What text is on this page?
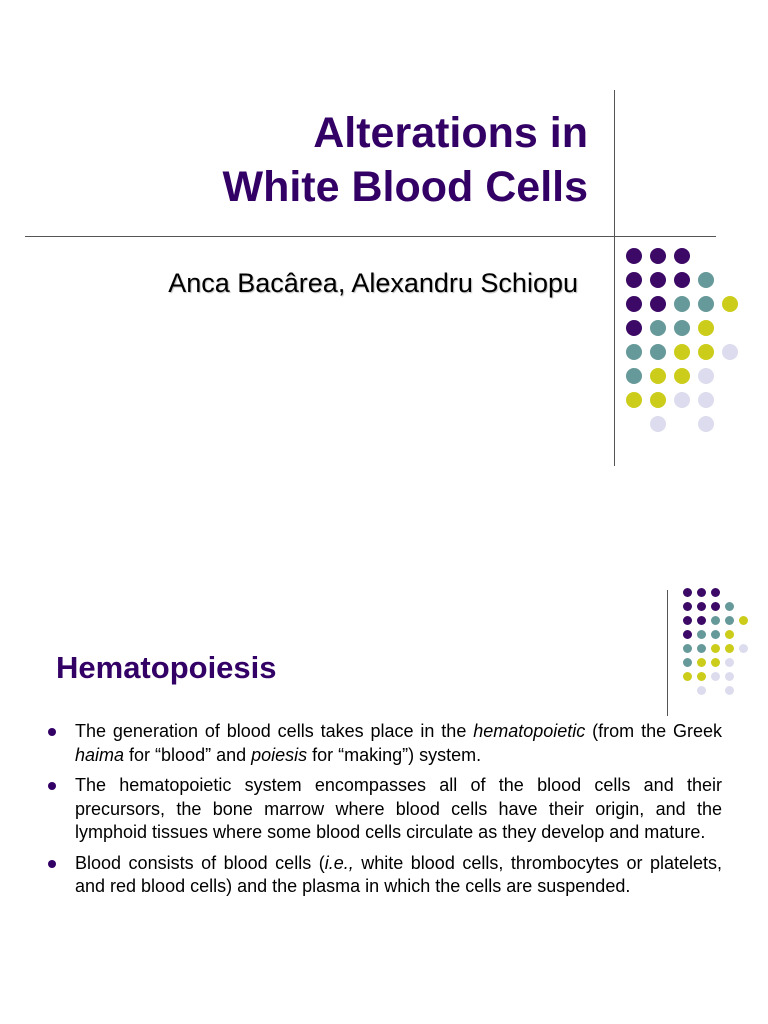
Alterations in
White Blood Cells

Anca Bacârea, Alexandru Schiopu

Hematopoiesis
The generation of blood cells takes place in the hematopoietic (from the Greek haima for “blood” and poiesis for “making”) system.
The hematopoietic system encompasses all of the blood cells and their precursors, the bone marrow where blood cells have their origin, and the lymphoid tissues where some blood cells circulate as they develop and mature.
Blood consists of blood cells (i.e., white blood cells, thrombocytes or platelets, and red blood cells) and the plasma in which the cells are suspended.
